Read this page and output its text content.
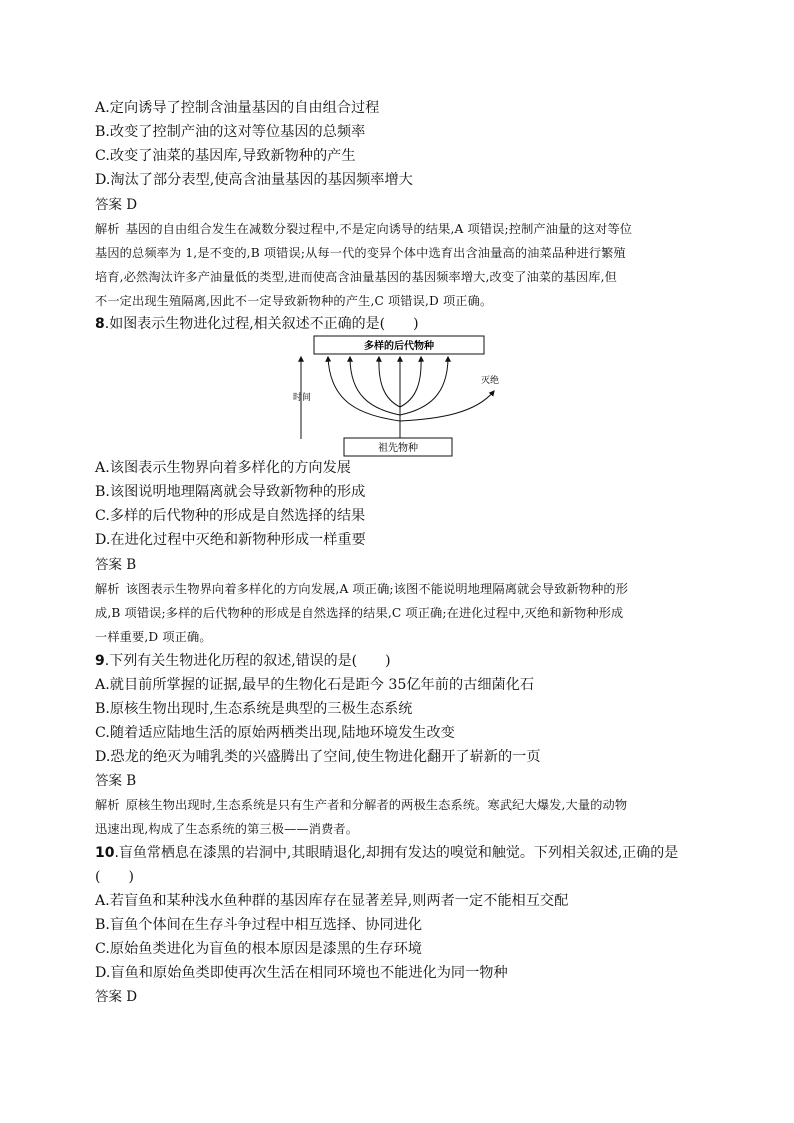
A.定向诱导了控制含油量基因的自由组合过程
B.改变了控制产油的这对等位基因的总频率
C.改变了油菜的基因库,导致新物种的产生
D.淘汰了部分表型,使高含油量基因的基因频率增大
答案 D
解析 基因的自由组合发生在减数分裂过程中,不是定向诱导的结果,A 项错误;控制产油量的这对等位
基因的总频率为 1,是不变的,B 项错误;从每一代的变异个体中选育出含油量高的油菜品种进行繁殖
培育,必然淘汰许多产油量低的类型,进而使高含油量基因的基因频率增大,改变了油菜的基因库,但
不一定出现生殖隔离,因此不一定导致新物种的产生,C 项错误,D 项正确。
8.如图表示生物进化过程,相关叙述不正确的是(　　)
多样的后代物种
祖先物种
时间
灭绝
A.该图表示生物界向着多样化的方向发展
B.该图说明地理隔离就会导致新物种的形成
C.多样的后代物种的形成是自然选择的结果
D.在进化过程中灭绝和新物种形成一样重要
答案 B
解析 该图表示生物界向着多样化的方向发展,A 项正确;该图不能说明地理隔离就会导致新物种的形
成,B 项错误;多样的后代物种的形成是自然选择的结果,C 项正确;在进化过程中,灭绝和新物种形成
一样重要,D 项正确。
9.下列有关生物进化历程的叙述,错误的是(　　)
A.就目前所掌握的证据,最早的生物化石是距今 35亿年前的古细菌化石
B.原核生物出现时,生态系统是典型的三极生态系统
C.随着适应陆地生活的原始两栖类出现,陆地环境发生改变
D.恐龙的绝灭为哺乳类的兴盛腾出了空间,使生物进化翻开了崭新的一页
答案 B
解析 原核生物出现时,生态系统是只有生产者和分解者的两极生态系统。寒武纪大爆发,大量的动物
迅速出现,构成了生态系统的第三极——消费者。
10.盲鱼常栖息在漆黑的岩洞中,其眼睛退化,却拥有发达的嗅觉和触觉。下列相关叙述,正确的是
(　　)
A.若盲鱼和某种浅水鱼种群的基因库存在显著差异,则两者一定不能相互交配
B.盲鱼个体间在生存斗争过程中相互选择、协同进化
C.原始鱼类进化为盲鱼的根本原因是漆黑的生存环境
D.盲鱼和原始鱼类即使再次生活在相同环境也不能进化为同一物种
答案 D
